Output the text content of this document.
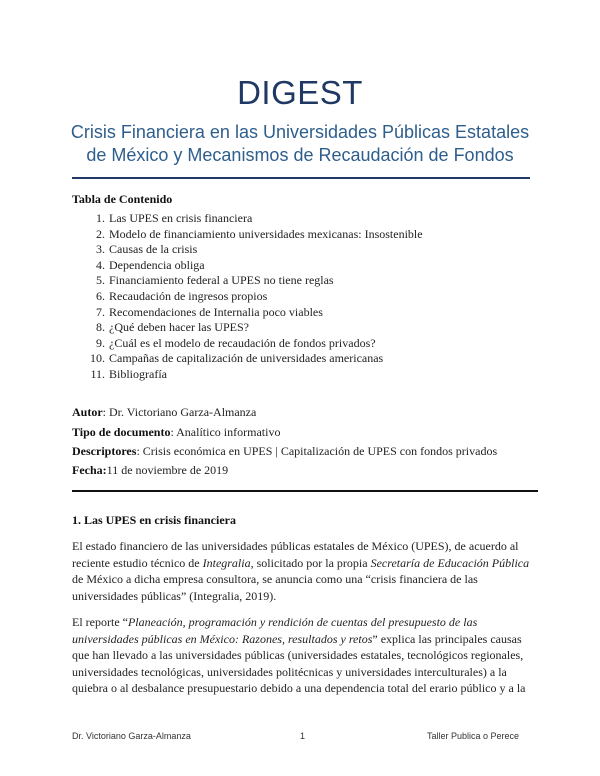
DIGEST
Crisis Financiera en las Universidades Públicas Estatales
de México y Mecanismos de Recaudación de Fondos
Tabla de Contenido
1. Las UPES en crisis financiera
2. Modelo de financiamiento universidades mexicanas: Insostenible
3. Causas de la crisis
4. Dependencia obliga
5. Financiamiento federal a UPES no tiene reglas
6. Recaudación de ingresos propios
7. Recomendaciones de Internalia poco viables
8. ¿Qué deben hacer las UPES?
9. ¿Cuál es el modelo de recaudación de fondos privados?
10. Campañas de capitalización de universidades americanas
11. Bibliografía
Autor: Dr. Victoriano Garza-Almanza
Tipo de documento: Analítico informativo
Descriptores: Crisis económica en UPES | Capitalización de UPES con fondos privados
Fecha:11 de noviembre de 2019
1. Las UPES en crisis financiera

El estado financiero de las universidades públicas estatales de México (UPES), de acuerdo al

reciente estudio técnico de Integralia, solicitado por la propia Secretaría de Educación Pública

de México a dicha empresa consultora, se anuncia como una “crisis financiera de las

universidades públicas” (Integralia, 2019).

El reporte “Planeación, programación y rendición de cuentas del presupuesto de las

universidades públicas en México: Razones, resultados y retos” explica las principales causas

que han llevado a las universidades públicas (universidades estatales, tecnológicos regionales,

universidades tecnológicas, universidades politécnicas y universidades interculturales) a la

quiebra o al desbalance presupuestario debido a una dependencia total del erario público y a la

Dr. Victoriano Garza-Almanza	1	Taller Publica o Perece
